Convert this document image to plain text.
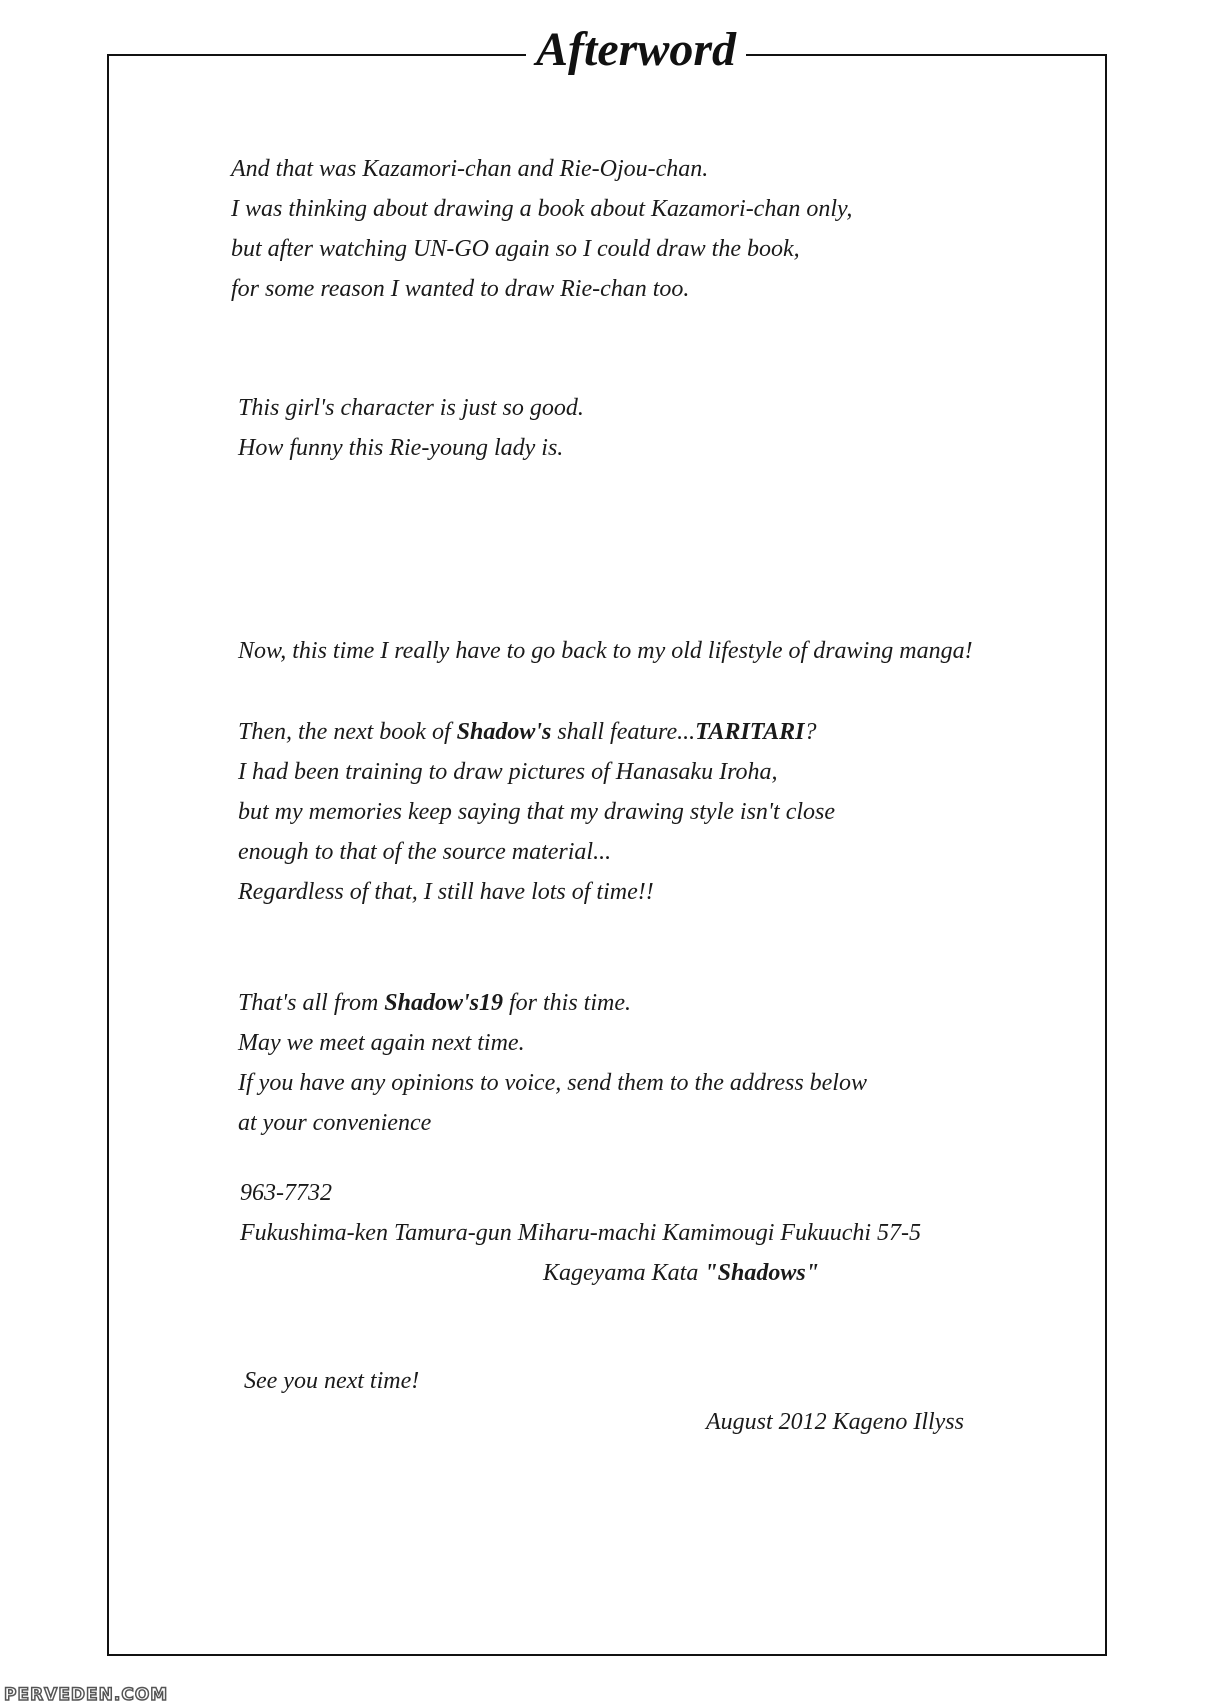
Afterword

And that was Kazamori-chan and Rie-Ojou-chan.
I was thinking about drawing a book about Kazamori-chan only,
but after watching UN-GO again so I could draw the book,
for some reason I wanted to draw Rie-chan too.

This girl's character is just so good.
How funny this Rie-young lady is.

Now, this time I really have to go back to my old lifestyle of drawing manga!

Then, the next book of Shadow's shall feature...TARITARI?
I had been training to draw pictures of Hanasaku Iroha,
but my memories keep saying that my drawing style isn't close
enough to that of the source material...
Regardless of that, I still have lots of time!!

That's all from Shadow's19 for this time.
May we meet again next time.
If you have any opinions to voice, send them to the address below
at your convenience

963-7732
Fukushima-ken Tamura-gun Miharu-machi Kamimougi Fukuuchi 57-5

Kageyama Kata "Shadows"

See you next time!

August 2012 Kageno Illyss

PERVEDEN.COM
